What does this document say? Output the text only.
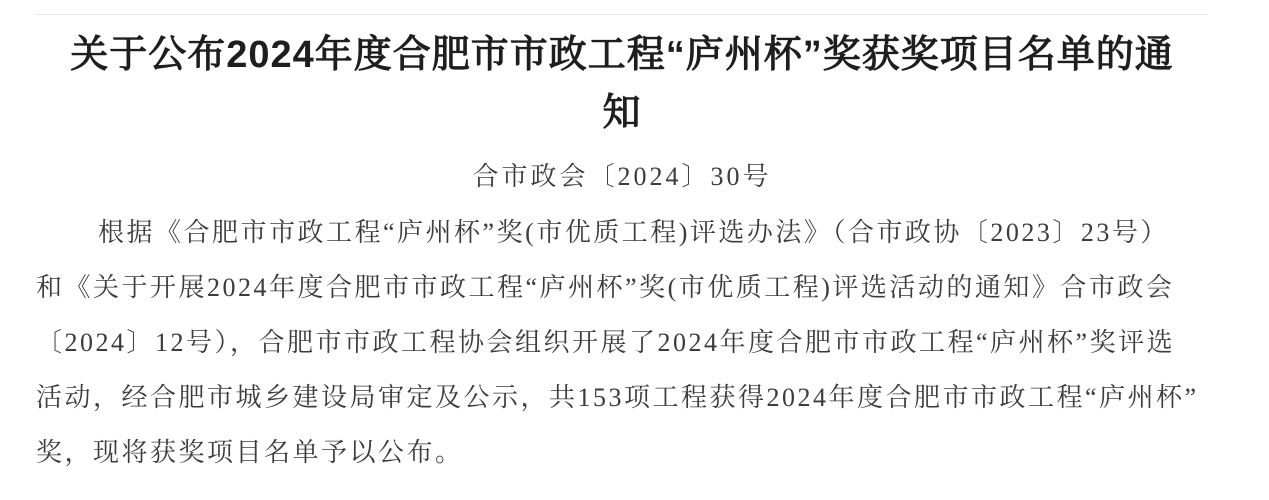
关于公布2024年度合肥市市政工程“庐州杯”奖获奖项目名单的通
知
合市政会〔2024〕30号
根据《合肥市市政工程“庐州杯”奖(市优质工程)评选办法》（合市政协〔2023〕23号）
和《关于开展2024年度合肥市市政工程“庐州杯”奖(市优质工程)评选活动的通知》合市政会
〔2024〕12号），合肥市市政工程协会组织开展了2024年度合肥市市政工程“庐州杯”奖评选
活动，经合肥市城乡建设局审定及公示，共153项工程获得2024年度合肥市市政工程“庐州杯”
奖，现将获奖项目名单予以公布。
